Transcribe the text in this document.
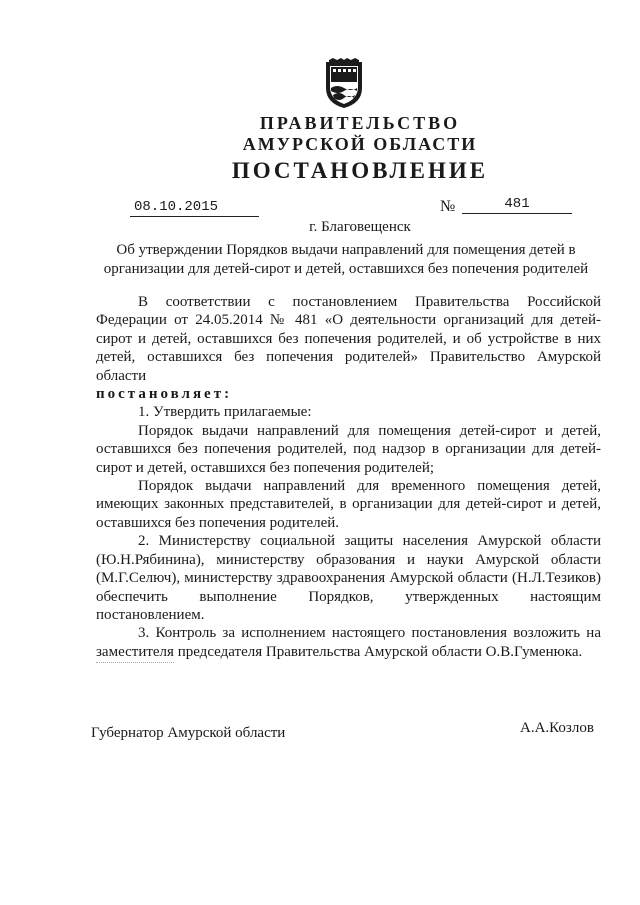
ПРАВИТЕЛЬСТВО
АМУРСКОЙ ОБЛАСТИ
ПОСТАНОВЛЕНИЕ
08.10.2015	№	481
г. Благовещенск
Об утверждении Порядков выдачи направлений для помещения детей в
организации для детей-сирот и детей, оставшихся без попечения родителей

В соответствии с постановлением Правительства Российской Федерации от 24.05.2014 № 481 «О деятельности организаций для детей-сирот и детей, оставшихся без попечения родителей, и об устройстве в них детей, оставшихся без попечения родителей» Правительство Амурской области

постановляет:

1. Утвердить прилагаемые:

Порядок выдачи направлений для помещения детей-сирот и детей, оставшихся без попечения родителей, под надзор в организации для детей-сирот и детей, оставшихся без попечения родителей;

Порядок выдачи направлений для временного помещения детей, имеющих законных представителей, в организации для детей-сирот и детей, оставшихся без попечения родителей.

2. Министерству социальной защиты населения Амурской области (Ю.Н.Рябинина), министерству образования и науки Амурской области (М.Г.Селюч), министерству здравоохранения Амурской области (Н.Л.Тезиков) обеспечить выполнение Порядков, утвержденных настоящим постановлением.

3. Контроль за исполнением настоящего постановления возложить на заместителя председателя Правительства Амурской области О.В.Гуменюка.

Губернатор Амурской области	А.А.Козлов
